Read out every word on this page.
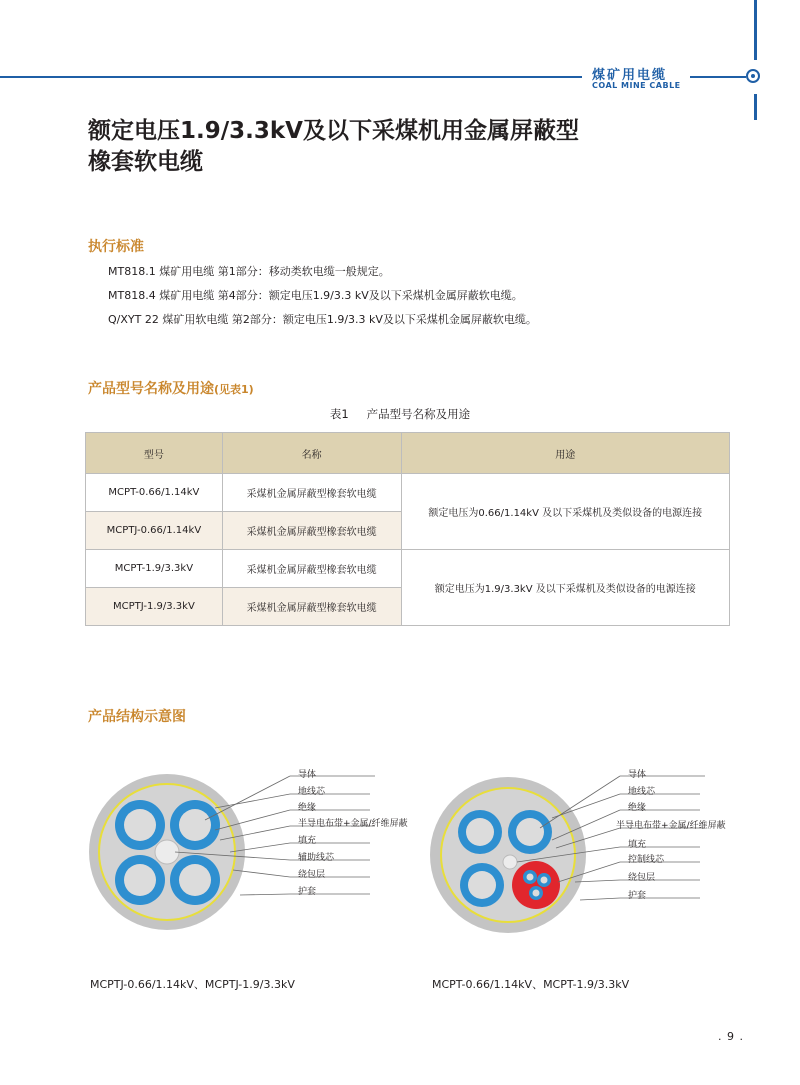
煤矿用电缆
COAL MINE CABLE
额定电压1.9/3.3kV及以下采煤机用金属屏蔽型
橡套软电缆
执行标准
MT818.1 煤矿用电缆 第1部分：移动类软电缆一般规定。
MT818.4 煤矿用电缆 第4部分：额定电压1.9/3.3 kV及以下采煤机金属屏蔽软电缆。
Q/XYT 22 煤矿用软电缆 第2部分：额定电压1.9/3.3 kV及以下采煤机金属屏蔽软电缆。
产品型号名称及用途(见表1)
表1 产品型号名称及用途
型号	名称	用途
MCPT-0.66/1.14kV	采煤机金属屏蔽型橡套软电缆	额定电压为0.66/1.14kV 及以下采煤机及类似设备的电源连接
MCPTJ-0.66/1.14kV	采煤机金属屏蔽型橡套软电缆	
MCPT-1.9/3.3kV	采煤机金属屏蔽型橡套软电缆	额定电压为1.9/3.3kV 及以下采煤机及类似设备的电源连接
MCPTJ-1.9/3.3kV	采煤机金属屏蔽型橡套软电缆	
产品结构示意图
导体
地线芯
绝缘
半导电布带+金属/纤维屏蔽
填充
辅助线芯
绕包层
护套
MCPTJ-0.66/1.14kV、MCPTJ-1.9/3.3kV
导体
地线芯
绝缘
半导电布带+金属/纤维屏蔽
填充
控制线芯
绕包层
护套
MCPT-0.66/1.14kV、MCPT-1.9/3.3kV
. 9 .
